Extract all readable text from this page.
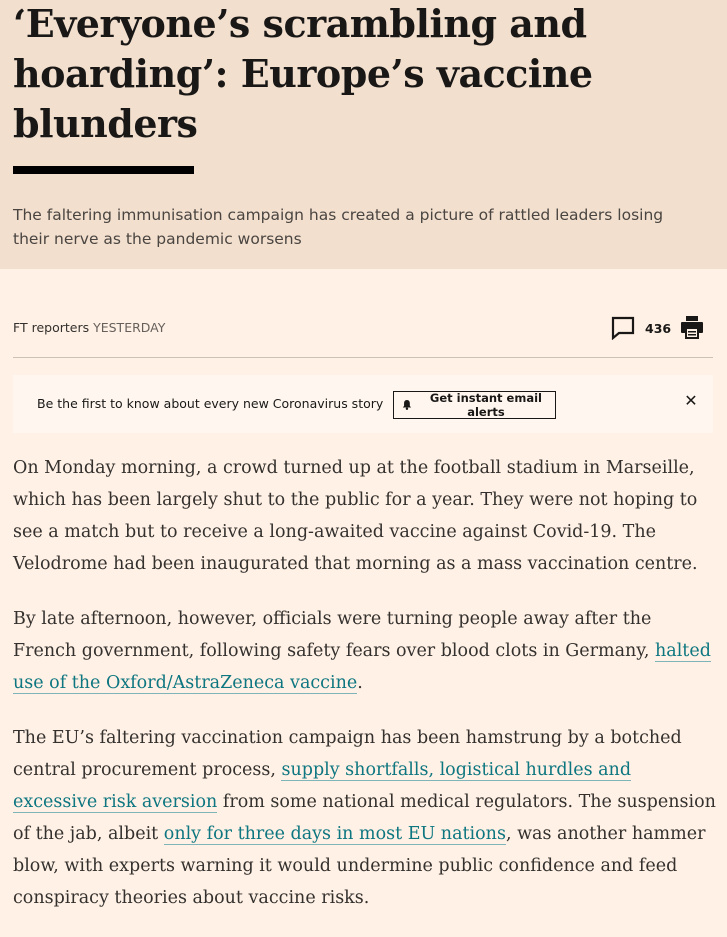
‘Everyone’s scrambling and hoarding’: Europe’s vaccine blunders

The faltering immunisation campaign has created a picture of rattled leaders losing their nerve as the pandemic worsens

FT reporters YESTERDAY	436
Be the first to know about every new Coronavirus story	Get instant email alerts
✕

On Monday morning, a crowd turned up at the football stadium in Marseille, which has been largely shut to the public for a year. They were not hoping to see a match but to receive a long-awaited vaccine against Covid-19. The Velodrome had been inaugurated that morning as a mass vaccination centre.

By late afternoon, however, officials were turning people away after the French government, following safety fears over blood clots in Germany, halted use of the Oxford/AstraZeneca vaccine.

The EU’s faltering vaccination campaign has been hamstrung by a botched central procurement process, supply shortfalls, logistical hurdles and excessive risk aversion from some national medical regulators. The suspension of the jab, albeit only for three days in most EU nations, was another hammer blow, with experts warning it would undermine public confidence and feed conspiracy theories about vaccine risks.
